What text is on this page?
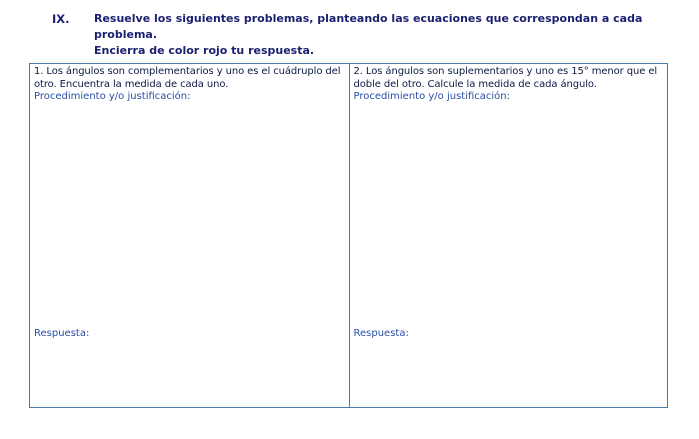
IX.	Resuelve los siguientes problemas, planteando las ecuaciones que correspondan a cada problema.
Encierra de color rojo tu respuesta.
1. Los ángulos son complementarios y uno es el cuádruplo del otro. Encuentra la medida de cada uno.
Procedimiento y/o justificación:
Respuesta:
2. Los ángulos son suplementarios y uno es 15° menor que el doble del otro. Calcule la medida de cada ángulo.
Procedimiento y/o justificación:
Respuesta:
